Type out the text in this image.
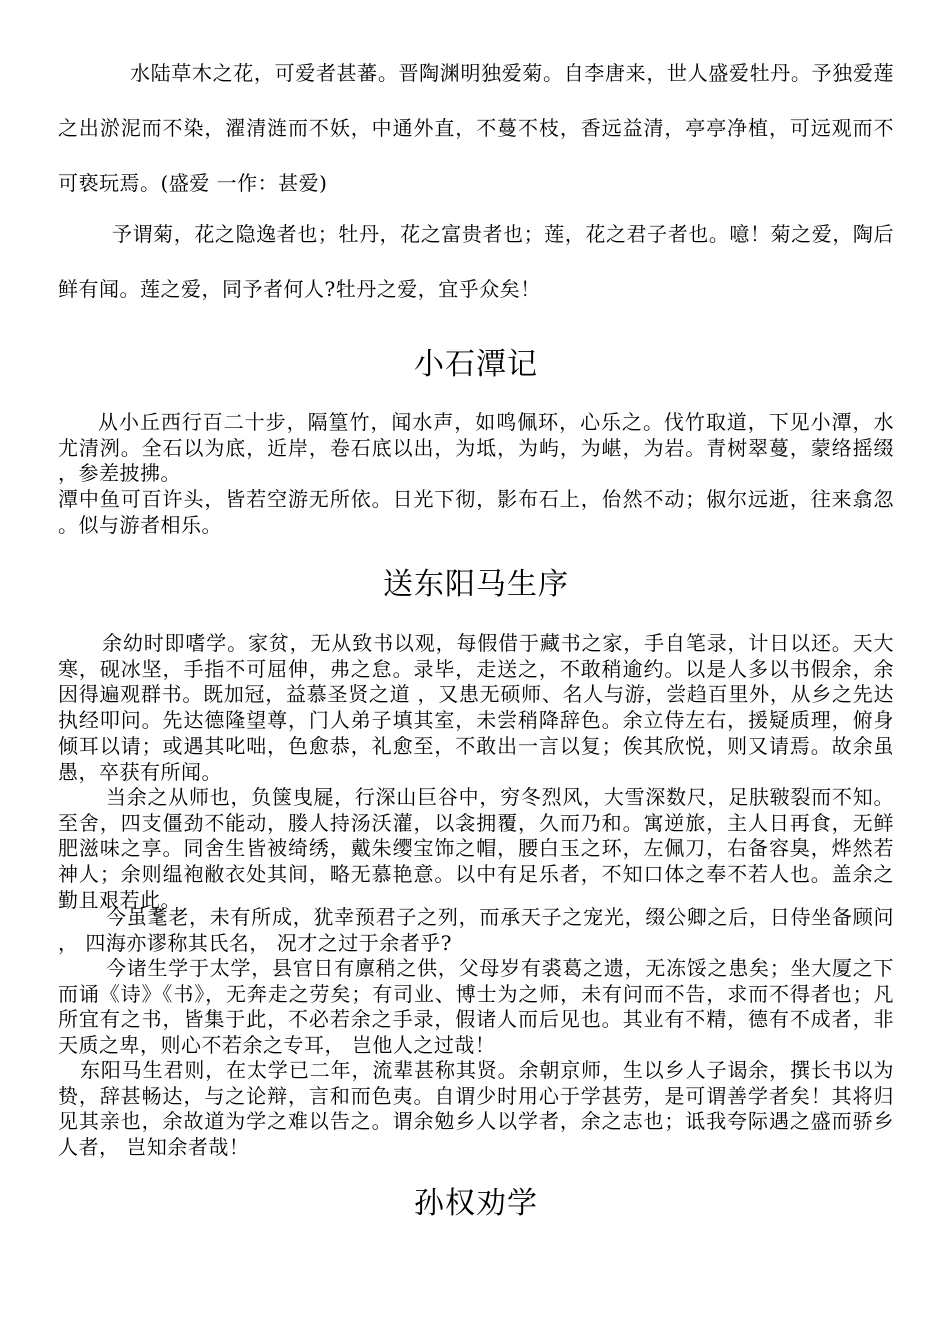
水陆草木之花，可爱者甚蕃。晋陶渊明独爱菊。自李唐来，世人盛爱牡丹。予独爱莲之出淤泥而不染，濯清涟而不妖，中通外直，不蔓不枝，香远益清，亭亭净植，可远观而不可亵玩焉。(盛爱 一作：甚爱)

予谓菊，花之隐逸者也；牡丹，花之富贵者也；莲，花之君子者也。噫！菊之爱，陶后鲜有闻。莲之爱，同予者何人?牡丹之爱，宜乎众矣！

小石潭记

从小丘西行百二十步，隔篁竹，闻水声，如鸣佩环，心乐之。伐竹取道，下见小潭，水尤清洌。全石以为底，近岸，卷石底以出，为坻，为屿，为嵁，为岩。青树翠蔓，蒙络摇缀，参差披拂。

潭中鱼可百许头，皆若空游无所依。日光下彻，影布石上，佁然不动；俶尔远逝，往来翕忽。似与游者相乐。

送东阳马生序

余幼时即嗜学。家贫，无从致书以观，每假借于藏书之家，手自笔录，计日以还。天大寒，砚冰坚，手指不可屈伸，弗之怠。录毕，走送之，不敢稍逾约。以是人多以书假余，余因得遍观群书。既加冠，益慕圣贤之道 ，又患无硕师、名人与游，尝趋百里外，从乡之先达执经叩问。先达德隆望尊，门人弟子填其室，未尝稍降辞色。余立侍左右，援疑质理，俯身倾耳以请；或遇其叱咄，色愈恭，礼愈至，不敢出一言以复；俟其欣悦，则又请焉。故余虽愚，卒获有所闻。

当余之从师也，负箧曳屣，行深山巨谷中，穷冬烈风，大雪深数尺，足肤皲裂而不知。至舍，四支僵劲不能动，媵人持汤沃灌，以衾拥覆，久而乃和。寓逆旅，主人日再食，无鲜肥滋味之享。同舍生皆被绮绣，戴朱缨宝饰之帽，腰白玉之环，左佩刀，右备容臭，烨然若神人；余则缊袍敝衣处其间，略无慕艳意。以中有足乐者，不知口体之奉不若人也。盖余之勤且艰若此。

今虽耄老，未有所成，犹幸预君子之列，而承天子之宠光，缀公卿之后，日侍坐备顾问， 四海亦谬称其氏名， 况才之过于余者乎?

今诸生学于太学，县官日有廪稍之供，父母岁有裘葛之遗，无冻馁之患矣；坐大厦之下而诵《诗》《书》，无奔走之劳矣；有司业、博士为之师，未有问而不告，求而不得者也；凡所宜有之书，皆集于此，不必若余之手录，假诸人而后见也。其业有不精，德有不成者，非天质之卑，则心不若余之专耳， 岂他人之过哉！

东阳马生君则，在太学已二年，流辈甚称其贤。余朝京师，生以乡人子谒余，撰长书以为贽，辞甚畅达，与之论辩，言和而色夷。自谓少时用心于学甚劳，是可谓善学者矣！其将归见其亲也，余故道为学之难以告之。谓余勉乡人以学者，余之志也；诋我夸际遇之盛而骄乡人者， 岂知余者哉！

孙权劝学
